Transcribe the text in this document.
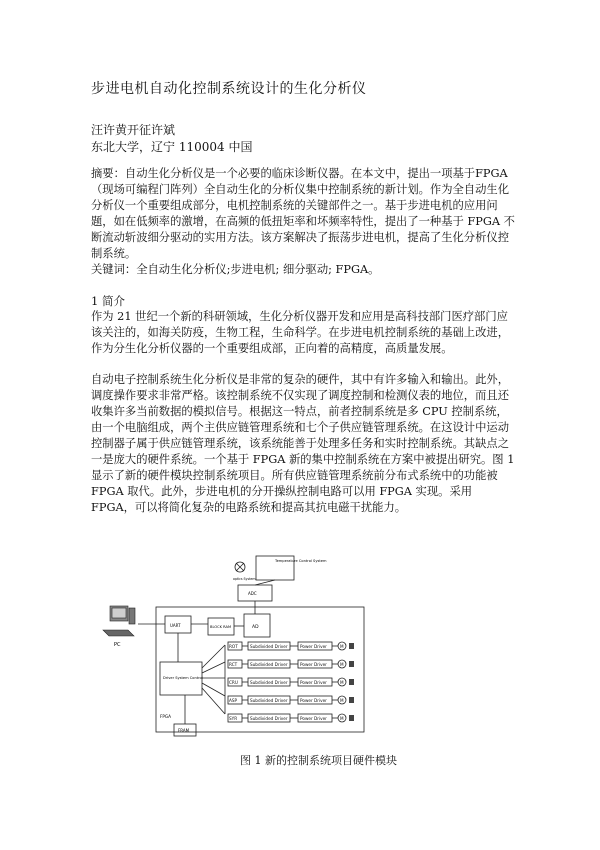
步进电机自动化控制系统设计的生化分析仪
汪许黄开征许斌
东北大学，辽宁 110004 中国
摘要：自动生化分析仪是一个必要的临床诊断仪器。在本文中，提出一项基于FPGA（现场可编程门阵列）全自动生化的分析仪集中控制系统的新计划。作为全自动生化分析仪一个重要组成部分，电机控制系统的关键部件之一。基于步进电机的应用问题，如在低频率的激增，在高频的低扭矩率和坏频率特性，提出了一种基于 FPGA 不断流动斩波细分驱动的实用方法。该方案解决了振荡步进电机，提高了生化分析仪控制系统。
关键词：全自动生化分析仪;步进电机; 细分驱动; FPGA。
1 简介
作为 21 世纪一个新的科研领域，生化分析仪器开发和应用是高科技部门医疗部门应该关注的，如海关防疫，生物工程，生命科学。在步进电机控制系统的基础上改进，作为分生化分析仪器的一个重要组成部，正向着的高精度，高质量发展。
自动电子控制系统生化分析仪是非常的复杂的硬件，其中有许多输入和输出。此外，调度操作要求非常严格。该控制系统不仅实现了调度控制和检测仪表的地位，而且还收集许多当前数据的模拟信号。根据这一特点，前者控制系统是多 CPU 控制系统，由一个电脑组成，两个主供应链管理系统和七个子供应链管理系统。在这设计中运动控制器子属于供应链管理系统，该系统能善于处理多任务和实时控制系统。其缺点之一是庞大的硬件系统。一个基于 FPGA 新的集中控制系统在方案中被提出研究。图 1 显示了新的硬件模块控制系统项目。所有供应链管理系统前分布式系统中的功能被 FPGA 取代。此外，步进电机的分开操纵控制电路可以用 FPGA 实现。采用 FPGA，可以将简化复杂的电路系统和提高其抗电磁干扰能力。
ROT	Subdivided Driver	Power Driver	M
RCT	Subdivided Driver	Power Driver	M
CRU	Subdivided Driver	Power Driver	M
ASP	Subdivided Driver	Power Driver	M
SYR	Subdivided Driver	Power Driver	M
PC
Temperature Control System
optics System
ADC
UART	BLOCK RAM	AD
Driver System Control
FPGA
FRAM
图 1 新的控制系统项目硬件模块
